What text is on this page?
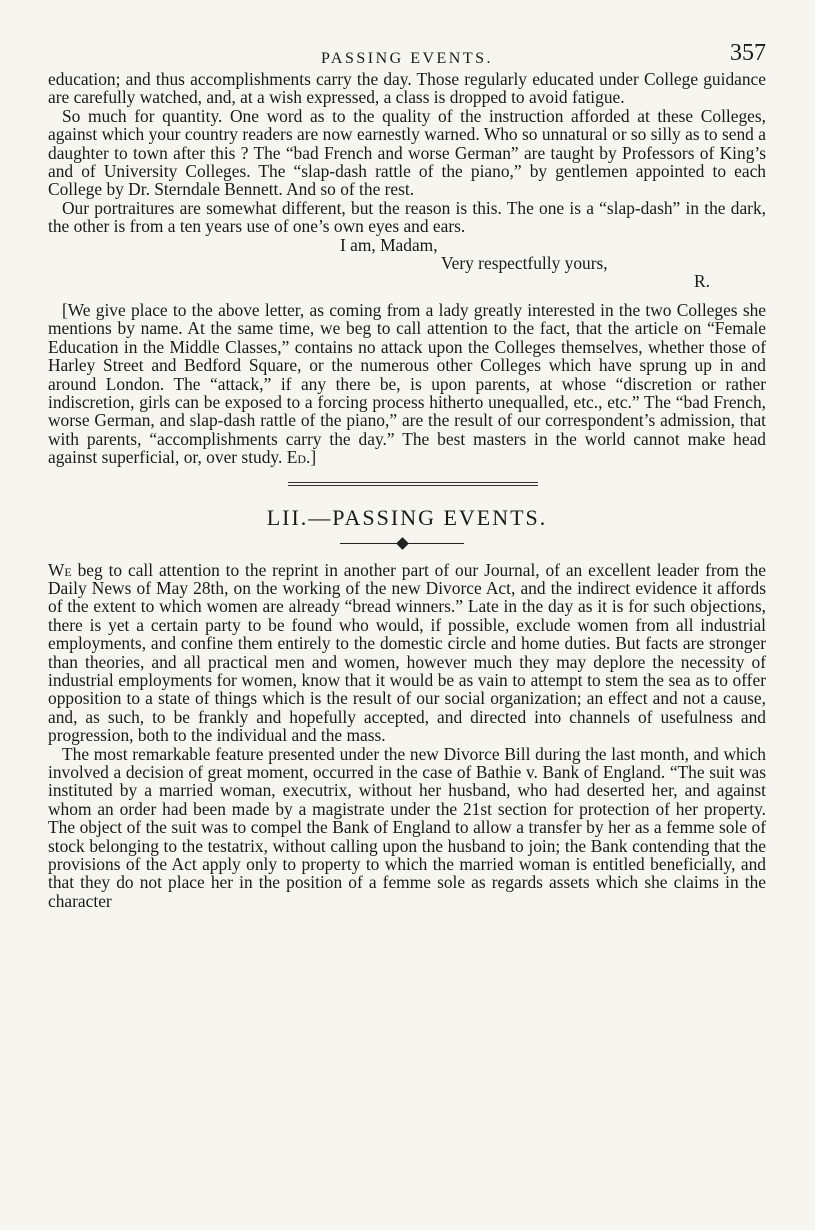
PASSING EVENTS.	357

education; and thus accomplishments carry the day. Those regularly educated under College guidance are carefully watched, and, at a wish expressed, a class is dropped to avoid fatigue.

So much for quantity. One word as to the quality of the instruction afforded at these Colleges, against which your country readers are now earnestly warned. Who so unnatural or so silly as to send a daughter to town after this ? The “bad French and worse German” are taught by Professors of King’s and of University Colleges. The “slap-dash rattle of the piano,” by gentlemen appointed to each College by Dr. Sterndale Bennett. And so of the rest.

Our portraitures are somewhat different, but the reason is this. The one is a “slap-dash” in the dark, the other is from a ten years use of one’s own eyes and ears.

I am, Madam,
Very respectfully yours,
R.

[We give place to the above letter, as coming from a lady greatly interested in the two Colleges she mentions by name. At the same time, we beg to call attention to the fact, that the article on “Female Education in the Middle Classes,” contains no attack upon the Colleges themselves, whether those of Harley Street and Bedford Square, or the numerous other Colleges which have sprung up in and around London. The “attack,” if any there be, is upon parents, at whose “discretion or rather indiscretion, girls can be exposed to a forcing process hitherto unequalled, etc., etc.” The “bad French, worse German, and slap-dash rattle of the piano,” are the result of our correspondent’s admission, that with parents, “accomplishments carry the day.” The best masters in the world cannot make head against superficial, or, over study. Ed.]

LII.—PASSING EVENTS.

We beg to call attention to the reprint in another part of our Journal, of an excellent leader from the Daily News of May 28th, on the working of the new Divorce Act, and the indirect evidence it affords of the extent to which women are already “bread winners.” Late in the day as it is for such objections, there is yet a certain party to be found who would, if possible, exclude women from all industrial employments, and confine them entirely to the domestic circle and home duties. But facts are stronger than theories, and all practical men and women, however much they may deplore the necessity of industrial employments for women, know that it would be as vain to attempt to stem the sea as to offer opposition to a state of things which is the result of our social organization; an effect and not a cause, and, as such, to be frankly and hopefully accepted, and directed into channels of usefulness and progression, both to the individual and the mass.

The most remarkable feature presented under the new Divorce Bill during the last month, and which involved a decision of great moment, occurred in the case of Bathie v. Bank of England. “The suit was instituted by a married woman, executrix, without her husband, who had deserted her, and against whom an order had been made by a magistrate under the 21st section for protection of her property. The object of the suit was to compel the Bank of England to allow a transfer by her as a femme sole of stock belonging to the testatrix, without calling upon the husband to join; the Bank contending that the provisions of the Act apply only to property to which the married woman is entitled beneficially, and that they do not place her in the position of a femme sole as regards assets which she claims in the character
